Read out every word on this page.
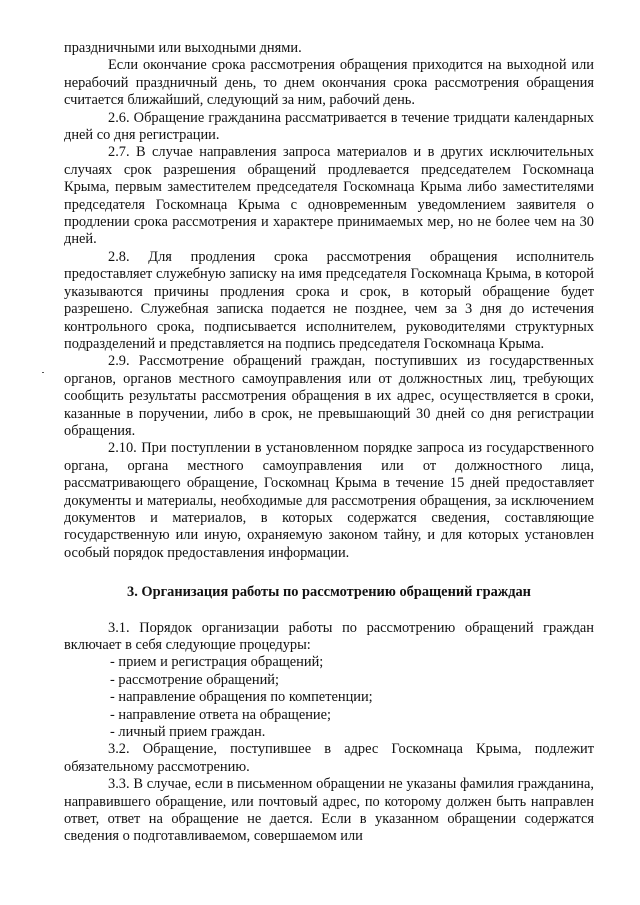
праздничными или выходными днями.

Если окончание срока рассмотрения обращения приходится на выходной или нерабочий праздничный день, то днем окончания срока рассмотрения обращения считается ближайший, следующий за ним, рабочий день.

2.6. Обращение гражданина рассматривается в течение тридцати календарных дней со дня регистрации.

2.7. В случае направления запроса материалов и в других исключительных случаях срок разрешения обращений продлевается председателем Госкомнаца Крыма, первым заместителем председателя Госкомнаца Крыма либо заместителями председателя Госкомнаца Крыма с одновременным уведомлением заявителя о продлении срока рассмотрения и характере принимаемых мер, но не более чем на 30 дней.

2.8. Для продления срока рассмотрения обращения исполнитель предоставляет служебную записку на имя председателя Госкомнаца Крыма, в которой указываются причины продления срока и срок, в который обращение будет разрешено. Служебная записка подается не позднее, чем за 3 дня до истечения контрольного срока, подписывается исполнителем, руководителями структурных подразделений и представляется на подпись председателя Госкомнаца Крыма.

2.9. Рассмотрение обращений граждан, поступивших из государственных органов, органов местного самоуправления или от должностных лиц, требующих сообщить результаты рассмотрения обращения в их адрес, осуществляется в сроки, казанные в поручении, либо в срок, не превышающий 30 дней со дня регистрации обращения.

2.10. При поступлении в установленном порядке запроса из государственного органа, органа местного самоуправления или от должностного лица, рассматривающего обращение, Госкомнац Крыма в течение 15 дней предоставляет документы и материалы, необходимые для рассмотрения обращения, за исключением документов и материалов, в которых содержатся сведения, составляющие государственную или иную, охраняемую законом тайну, и для которых установлен особый порядок предоставления информации.

3. Организация работы по рассмотрению обращений граждан

3.1. Порядок организации работы по рассмотрению обращений граждан включает в себя следующие процедуры:

- прием и регистрация обращений;

- рассмотрение обращений;

- направление обращения по компетенции;

- направление ответа на обращение;

- личный прием граждан.

3.2. Обращение, поступившее в адрес Госкомнаца Крыма, подлежит обязательному рассмотрению.

3.3. В случае, если в письменном обращении не указаны фамилия гражданина, направившего обращение, или почтовый адрес, по которому должен быть направлен ответ, ответ на обращение не дается. Если в указанном обращении содержатся сведения о подготавливаемом, совершаемом или
